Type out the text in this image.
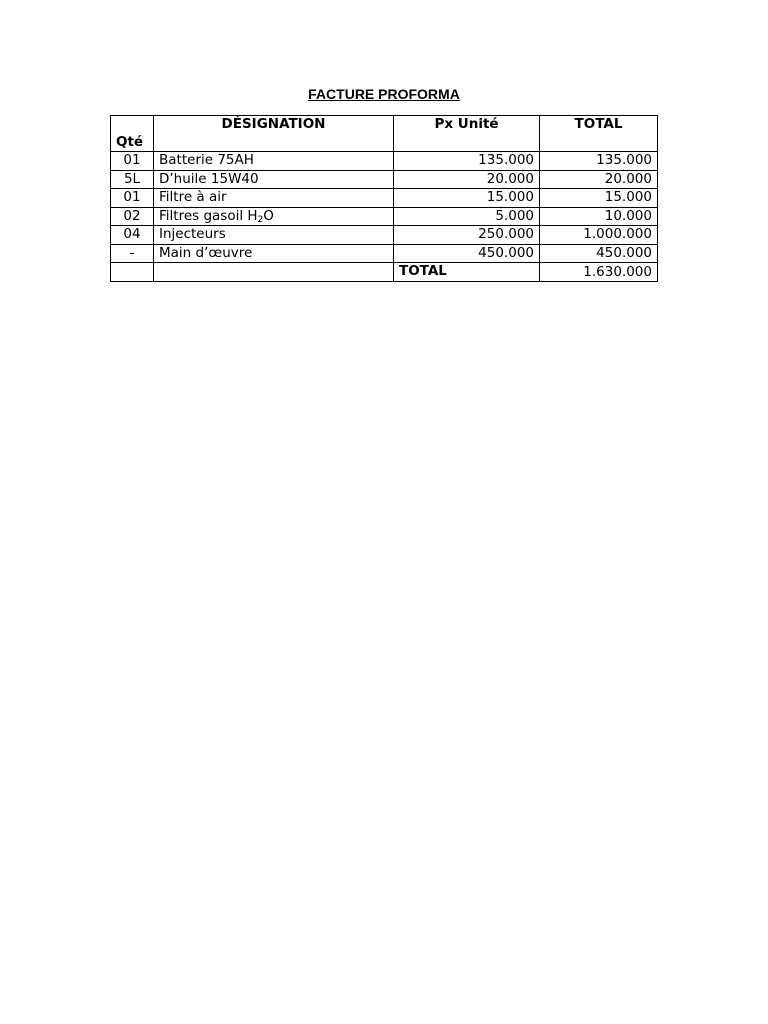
FACTURE PROFORMA
Qté	DÉSIGNATION	Px Unité	TOTAL
01	Batterie 75AH	135.000	135.000
5L	D’huile 15W40	20.000	20.000
01	Filtre à air	15.000	15.000
02	Filtres gasoil $H_2O$	5.000	10.000
04	Injecteurs	250.000	1.000.000
-	Main d’œuvre	450.000	450.000
		TOTAL	1.630.000
